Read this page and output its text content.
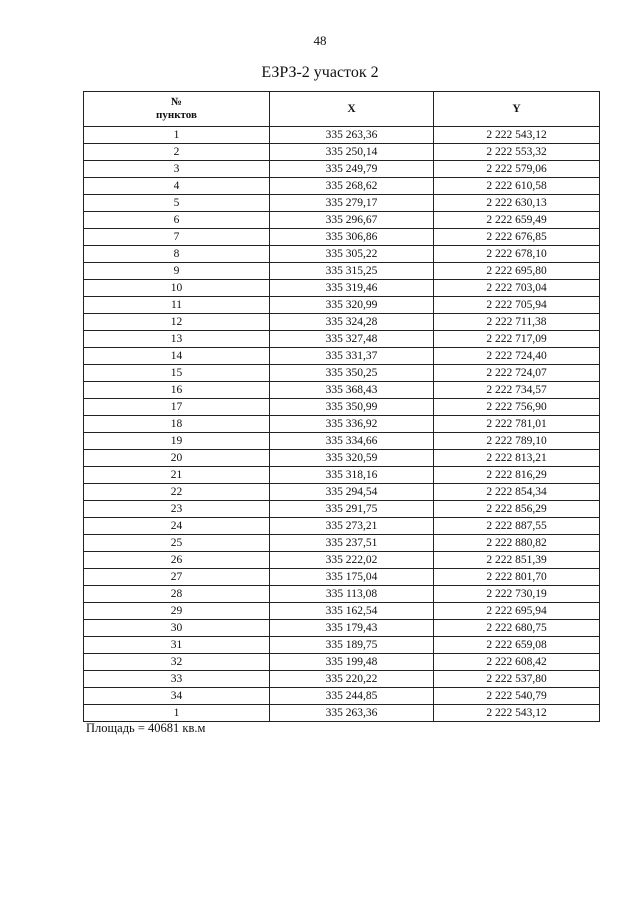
48
ЕЗРЗ-2 участок 2
№
пунктов	X	Y
1	335 263,36	2 222 543,12
2	335 250,14	2 222 553,32
3	335 249,79	2 222 579,06
4	335 268,62	2 222 610,58
5	335 279,17	2 222 630,13
6	335 296,67	2 222 659,49
7	335 306,86	2 222 676,85
8	335 305,22	2 222 678,10
9	335 315,25	2 222 695,80
10	335 319,46	2 222 703,04
11	335 320,99	2 222 705,94
12	335 324,28	2 222 711,38
13	335 327,48	2 222 717,09
14	335 331,37	2 222 724,40
15	335 350,25	2 222 724,07
16	335 368,43	2 222 734,57
17	335 350,99	2 222 756,90
18	335 336,92	2 222 781,01
19	335 334,66	2 222 789,10
20	335 320,59	2 222 813,21
21	335 318,16	2 222 816,29
22	335 294,54	2 222 854,34
23	335 291,75	2 222 856,29
24	335 273,21	2 222 887,55
25	335 237,51	2 222 880,82
26	335 222,02	2 222 851,39
27	335 175,04	2 222 801,70
28	335 113,08	2 222 730,19
29	335 162,54	2 222 695,94
30	335 179,43	2 222 680,75
31	335 189,75	2 222 659,08
32	335 199,48	2 222 608,42
33	335 220,22	2 222 537,80
34	335 244,85	2 222 540,79
1	335 263,36	2 222 543,12
Площадь = 40681 кв.м
